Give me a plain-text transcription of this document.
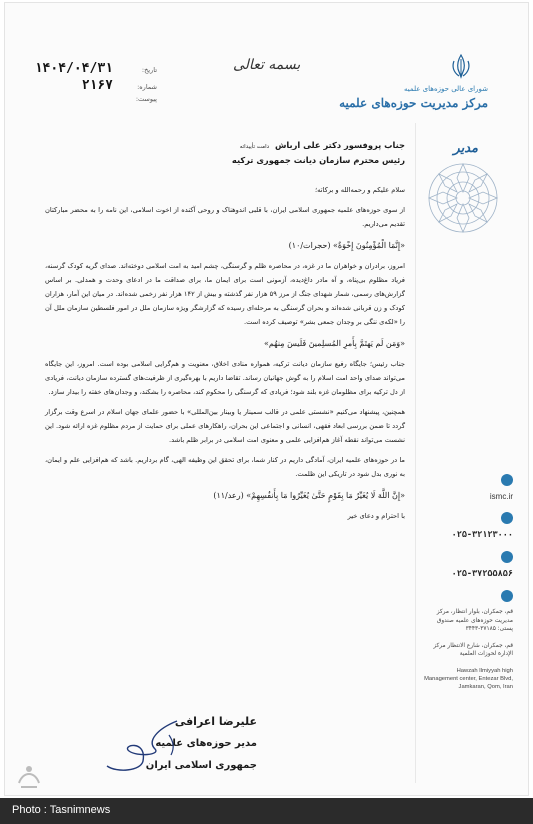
تاریخ:
۱۴۰۴/۰۴/۳۱
شماره:
۲۱۶۷
پیوست:
بسمه تعالی
شورای عالی حوزه‌های علمیه
مرکز مدیریت حوزه‌های علمیه
مدیر
ismc.ir
۰۲۵-۳۲۱۲۳۰۰۰
۰۲۵-۳۷۲۵۵۸۵۶
قم، جمکران، بلوار انتظار، مرکز مدیریت حوزه‌های علمیه صندوق پستی: ۳۷۱۸۵-۳۴۴۳
قم، جمکران، شارع الانتظار مرکز الإدارة لحوزات العلمیة
Hawzah Ilmiyyah high Management center, Entezar Blvd, Jamkaran, Qom, Iran
جناب پروفسور دکتر علی ارباش دامت تأییداته
رئیس محترم سازمان دیانت جمهوری ترکیه
سلام علیکم و رحمه‌الله و برکاته؛
از سوی حوزه‌های علمیه جمهوری اسلامی ایران، با قلبی اندوهناک و روحی آکنده از اخوت اسلامی، این نامه را به محضر مبارکتان تقدیم می‌داریم.
«إِنَّمَا الْمُؤْمِنُونَ إِخْوَةٌ» (حجرات/۱۰)
امروز، برادران و خواهران ما در غزه، در محاصره ظلم و گرسنگی، چشم امید به امت اسلامی دوخته‌اند. صدای گریه کودک گرسنه، فریاد مظلوم بی‌پناه، و آه مادر داغ‌دیده، آزمونی است برای ایمان ما، برای صداقت ما در ادعای وحدت و همدلی. بر اساس گزارش‌های رسمی، شمار شهدای جنگ از مرز ۵۹ هزار نفر گذشته و بیش از ۱۴۲ هزار نفر زخمی شده‌اند. در میان این آمار، هزاران کودک و زن قربانی شده‌اند و بحران گرسنگی به مرحله‌ای رسیده که گزارشگر ویژه سازمان ملل در امور فلسطین سازمان ملل آن را «لکه‌ی ننگی بر وجدان جمعی بشر» توصیف کرده است.
«وَمَن لَم يَهتَمَّ بِأَمرِ المُسلِمينَ فَلَيسَ مِنهُم»
جناب رئیس؛ جایگاه رفیع سازمان دیانت ترکیه، همواره منادی اخلاق، معنویت و هم‌گرایی اسلامی بوده است. امروز، این جایگاه می‌تواند صدای واحد امت اسلام را به گوش جهانیان رساند. تقاضا داریم با بهره‌گیری از ظرفیت‌های گسترده سازمان دیانت، فریادی از دل ترکیه برای مظلومان غزه بلند شود؛ فریادی که گرسنگی را محکوم کند، محاصره را بشکند، و وجدان‌های خفته را بیدار سازد.
همچنین، پیشنهاد می‌کنیم «نشستی علمی در قالب سمینار یا وبینار بین‌المللی» با حضور علمای جهان اسلام در اسرع وقت برگزار گردد تا ضمن بررسی ابعاد فقهی، انسانی و اجتماعی این بحران، راهکارهای عملی برای حمایت از مردم مظلوم غزه ارائه شود. این نشست می‌تواند نقطه آغاز هم‌افزایی علمی و معنوی امت اسلامی در برابر ظلم باشد.
ما در حوزه‌های علمیه ایران، آمادگی داریم در کنار شما، برای تحقق این وظیفه الهی، گام برداریم. باشد که هم‌افزایی علم و ایمان، به نوری بدل شود در تاریکی این ظلمت.
«إِنَّ اللَّهَ لَا يُغَيِّرُ مَا بِقَوْمٍ حَتَّىٰ يُغَيِّرُوا مَا بِأَنفُسِهِمْ» (رعد/۱۱)
با احترام و دعای خیر
علیرضا اعرافی
مدیر حوزه‌های علمیه
جمهوری اسلامی ایران
Photo : Tasnimnews
